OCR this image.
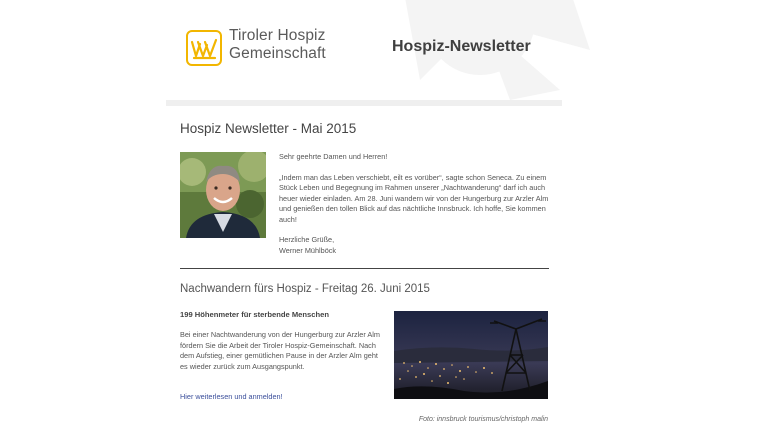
Tiroler Hospiz
Gemeinschaft	Hospiz-Newsletter
Hospiz Newsletter - Mai 2015

Sehr geehrte Damen und Herren!

„Indem man das Leben verschiebt, eilt es vorüber“, sagte schon Seneca. Zu einem Stück Leben und Begegnung im Rahmen unserer „Nachtwanderung“ darf ich auch heuer wieder einladen. Am 28. Juni wandern wir von der Hungerburg zur Arzler Alm und genießen den tollen Blick auf das nächtliche Innsbruck. Ich hoffe, Sie kommen auch!

Herzliche Grüße,

Werner Mühlböck

Nachwandern fürs Hospiz - Freitag 26. Juni 2015
199 Höhenmeter für sterbende Menschen
Bei einer Nachtwanderung von der Hungerburg zur Arzler Alm fördern Sie die Arbeit der Tiroler Hospiz-Gemeinschaft. Nach dem Aufstieg, einer gemütlichen Pause in der Arzler Alm geht es wieder zurück zum Ausgangspunkt.
Hier weiterlesen und anmelden!
Foto: innsbruck tourismus/christoph malin
